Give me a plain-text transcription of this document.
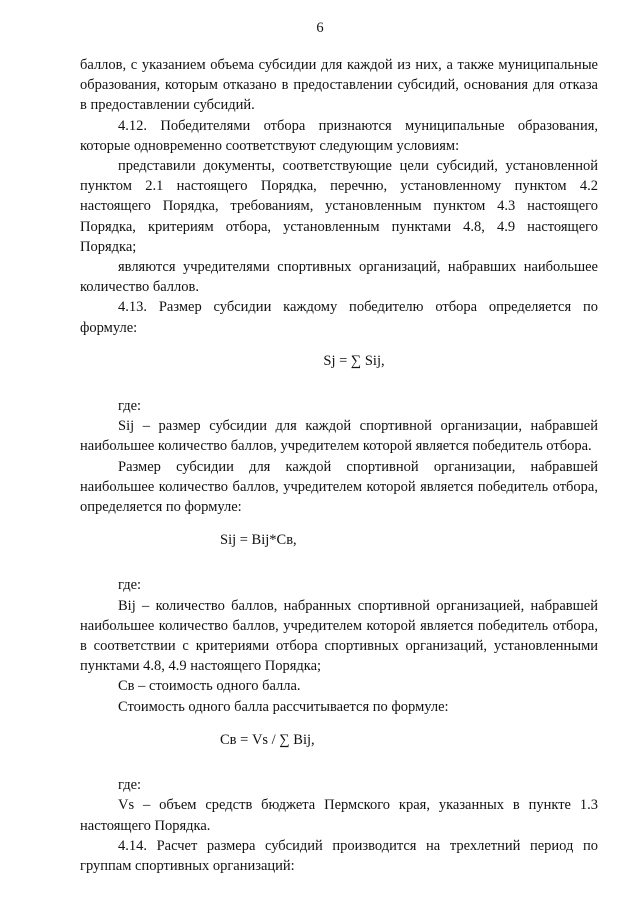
6

баллов, с указанием объема субсидии для каждой из них, а также муниципальные образования, которым отказано в предоставлении субсидий, основания для отказа в предоставлении субсидий.

4.12. Победителями отбора признаются муниципальные образования, которые одновременно соответствуют следующим условиям:

представили документы, соответствующие цели субсидий, установленной пунктом 2.1 настоящего Порядка, перечню, установленному пунктом 4.2 настоящего Порядка, требованиям, установленным пунктом 4.3 настоящего Порядка, критериям отбора, установленным пунктами 4.8, 4.9 настоящего Порядка;

являются учредителями спортивных организаций, набравших наибольшее количество баллов.

4.13. Размер субсидии каждому победителю отбора определяется по формуле:

Sj = ∑ Sij,

где:

Sij – размер субсидии для каждой спортивной организации, набравшей наибольшее количество баллов, учредителем которой является победитель отбора.

Размер субсидии для каждой спортивной организации, набравшей наибольшее количество баллов, учредителем которой является победитель отбора, определяется по формуле:

Sij = Bij*Cв,

где:

Bij – количество баллов, набранных спортивной организацией, набравшей наибольшее количество баллов, учредителем которой является победитель отбора, в соответствии с критериями отбора спортивных организаций, установленными пунктами 4.8, 4.9 настоящего Порядка;

Cв – стоимость одного балла.

Стоимость одного балла рассчитывается по формуле:

Cв = Vs / ∑ Bij,

где:

Vs – объем средств бюджета Пермского края, указанных в пункте 1.3 настоящего Порядка.

4.14. Расчет размера субсидий производится на трехлетний период по группам спортивных организаций:
